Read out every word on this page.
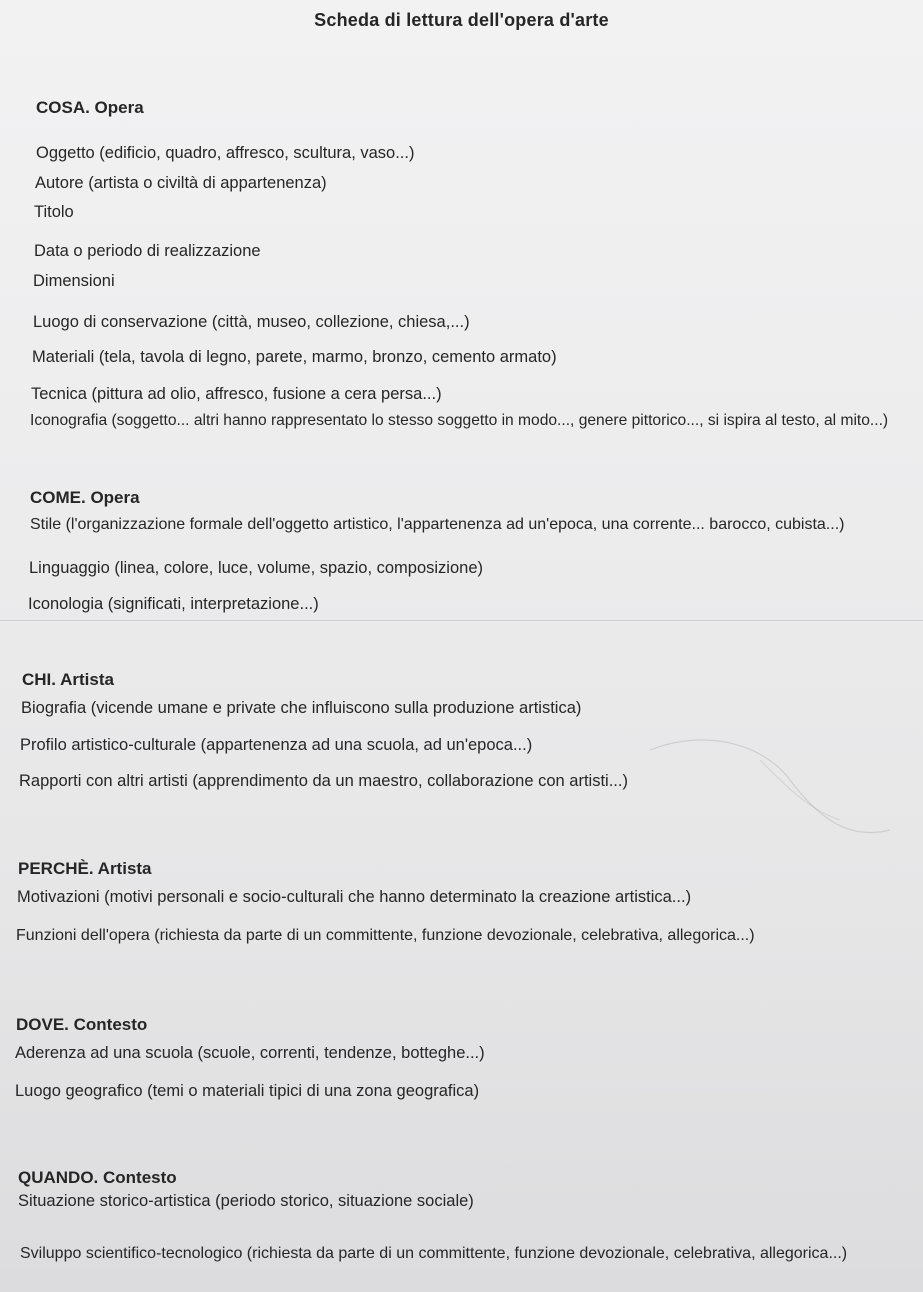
Scheda di lettura dell'opera d'arte
COSA. Opera
Oggetto (edificio, quadro, affresco, scultura, vaso...)
Autore (artista o civiltà di appartenenza)
Titolo
Data o periodo di realizzazione
Dimensioni
Luogo di conservazione (città, museo, collezione, chiesa,...)
Materiali (tela, tavola di legno, parete, marmo, bronzo, cemento armato)
Tecnica (pittura ad olio, affresco, fusione a cera persa...)
Iconografia (soggetto... altri hanno rappresentato lo stesso soggetto in modo..., genere pittorico..., si ispira al testo, al mito...)
COME. Opera
Stile (l'organizzazione formale dell'oggetto artistico, l'appartenenza ad un'epoca, una corrente... barocco, cubista...)
Linguaggio (linea, colore, luce, volume, spazio, composizione)
Iconologia (significati, interpretazione...)
CHI. Artista
Biografia (vicende umane e private che influiscono sulla produzione artistica)
Profilo artistico-culturale (appartenenza ad una scuola, ad un'epoca...)
Rapporti con altri artisti (apprendimento da un maestro, collaborazione con artisti...)
PERCHÈ. Artista
Motivazioni (motivi personali e socio-culturali che hanno determinato la creazione artistica...)
Funzioni dell'opera (richiesta da parte di un committente, funzione devozionale, celebrativa, allegorica...)
DOVE. Contesto
Aderenza ad una scuola (scuole, correnti, tendenze, botteghe...)
Luogo geografico (temi o materiali tipici di una zona geografica)
QUANDO. Contesto
Situazione storico-artistica (periodo storico, situazione sociale)
Sviluppo scientifico-tecnologico (richiesta da parte di un committente, funzione devozionale, celebrativa, allegorica...)
